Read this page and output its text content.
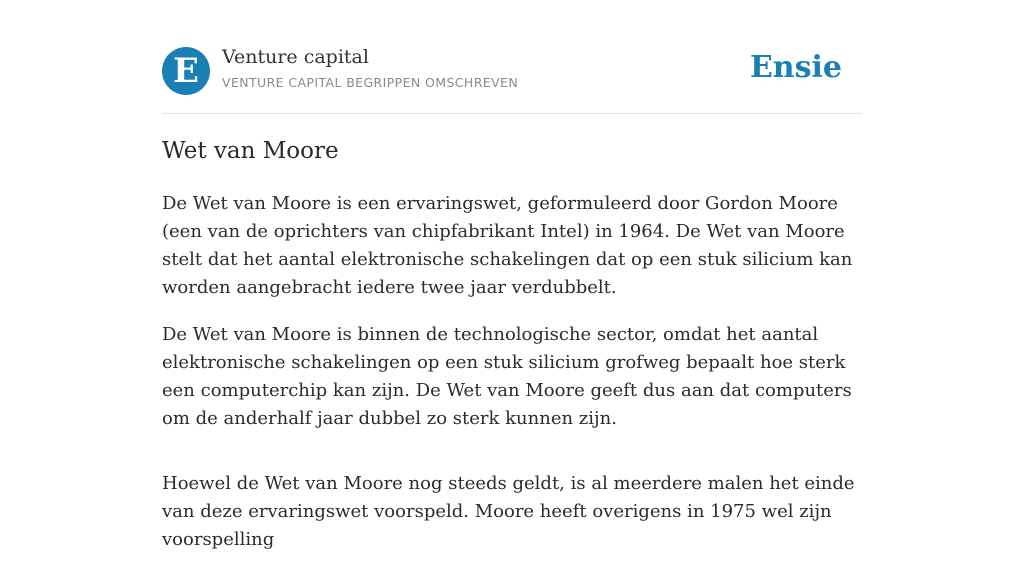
E	Venture capital
VENTURE CAPITAL BEGRIPPEN OMSCHREVEN	Ensie
Wet van Moore

De Wet van Moore is een ervaringswet, geformuleerd door Gordon Moore (een van de oprichters van chipfabrikant Intel) in 1964. De Wet van Moore stelt dat het aantal elektronische schakelingen dat op een stuk silicium kan worden aangebracht iedere twee jaar verdubbelt.

De Wet van Moore is binnen de technologische sector, omdat het aantal elektronische schakelingen op een stuk silicium grofweg bepaalt hoe sterk een computerchip kan zijn. De Wet van Moore geeft dus aan dat computers om de anderhalf jaar dubbel zo sterk kunnen zijn.

Hoewel de Wet van Moore nog steeds geldt, is al meerdere malen het einde van deze ervaringswet voorspeld. Moore heeft overigens in 1975 wel zijn voorspelling
